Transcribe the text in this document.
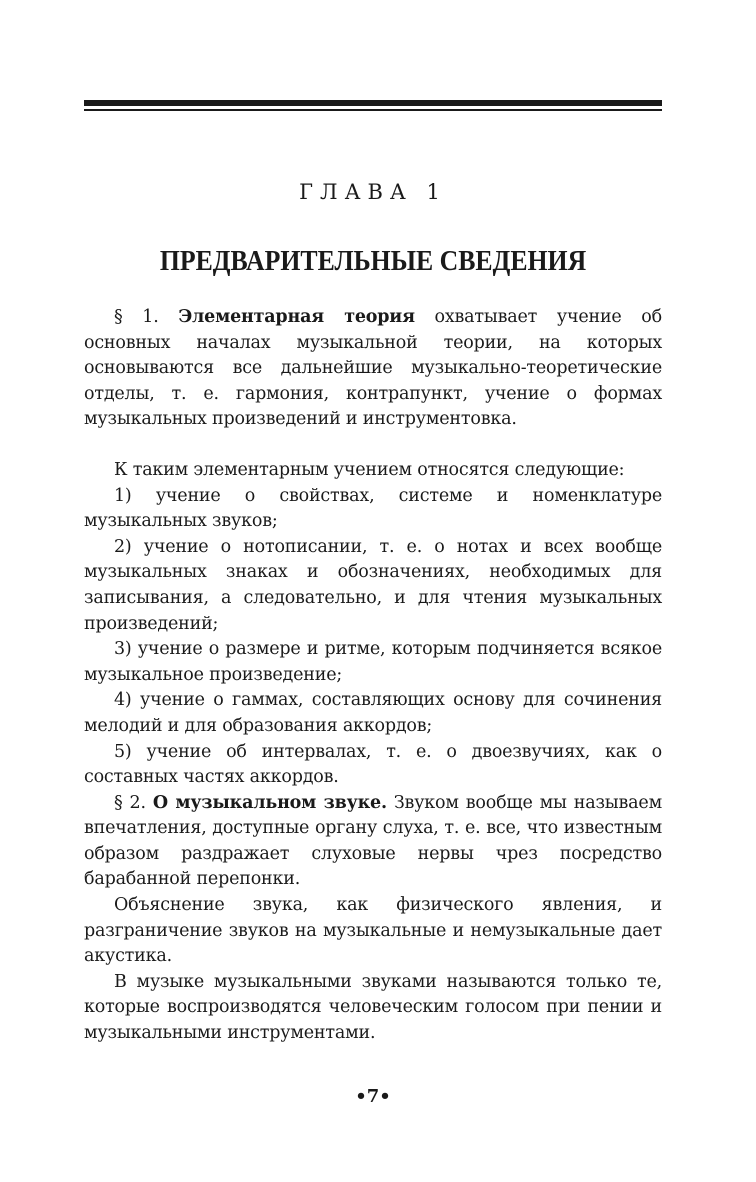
ГЛАВА 1
ПРЕДВАРИТЕЛЬНЫЕ СВЕДЕНИЯ

§ 1. Элементарная теория охватывает учение об основных началах музыкальной теории, на которых основываются все дальнейшие музыкально-теоретические отделы, т. е. гармония, контрапункт, учение о формах музыкальных произведений и инструментовка.

К таким элементарным учением относятся следующие:

1) учение о свойствах, системе и номенклатуре музыкальных звуков;

2) учение о нотописании, т. е. о нотах и всех вообще музыкальных знаках и обозначениях, необходимых для записывания, а следовательно, и для чтения музыкальных произведений;

3) учение о размере и ритме, которым подчиняется всякое музыкальное произведение;

4) учение о гаммах, составляющих основу для сочинения мелодий и для образования аккордов;

5) учение об интервалах, т. е. о двоезвучиях, как о составных частях аккордов.

§ 2. О музыкальном звуке. Звуком вообще мы называем впечатления, доступные органу слуха, т. е. все, что известным образом раздражает слуховые нервы чрез посредство барабанной перепонки.

Объяснение звука, как физического явления, и разграничение звуков на музыкальные и немузыкальные дает акустика.

В музыке музыкальными звуками называются только те, которые воспроизводятся человеческим голосом при пении и музыкальными инструментами.

•7•
